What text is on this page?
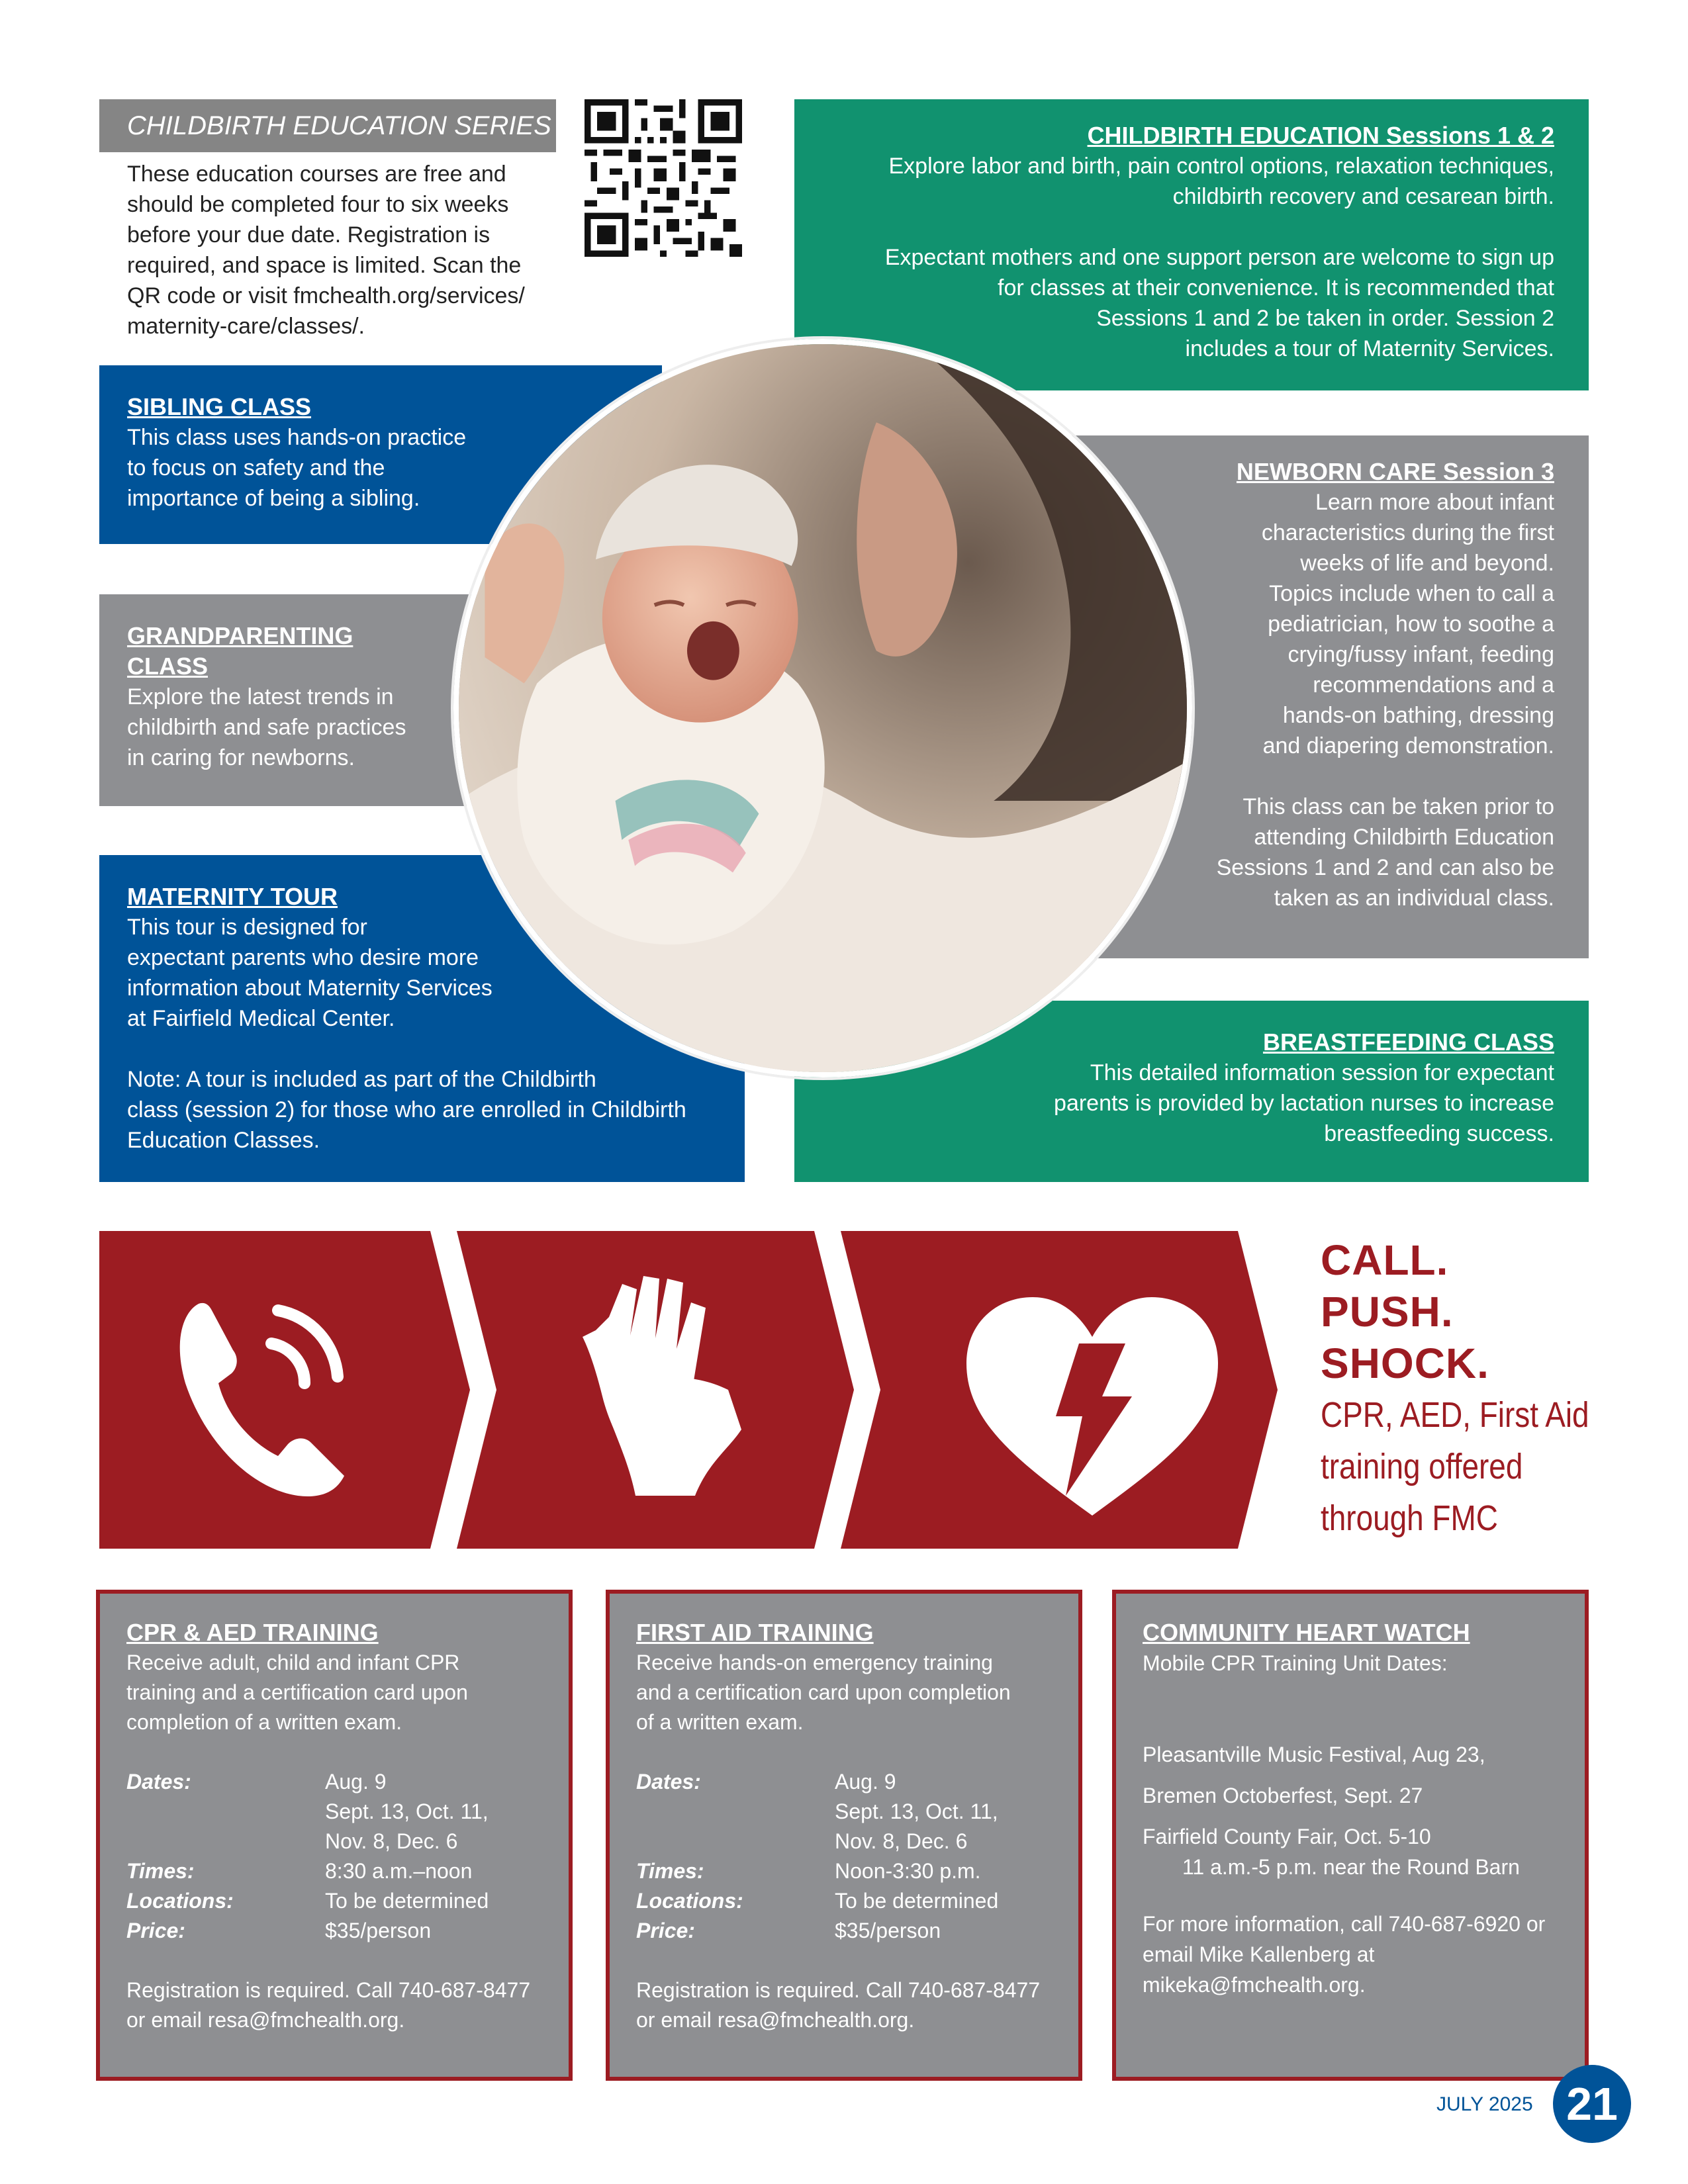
CHILDBIRTH EDUCATION SERIES
These education courses are free and
should be completed four to six weeks
before your due date. Registration is
required, and space is limited. Scan the
QR code or visit fmchealth.org/services/
maternity-care/classes/.
CHILDBIRTH EDUCATION Sessions 1 & 2

Explore labor and birth, pain control options, relaxation techniques,

childbirth recovery and cesarean birth.

Expectant mothers and one support person are welcome to sign up

for classes at their convenience. It is recommended that

Sessions 1 and 2 be taken in order. Session 2

includes a tour of Maternity Services.

SIBLING CLASS

This class uses hands-on practice

to focus on safety and the

importance of being a sibling.

NEWBORN CARE Session 3

Learn more about infant

characteristics during the first

weeks of life and beyond.

Topics include when to call a

pediatrician, how to soothe a

crying/fussy infant, feeding

recommendations and a

hands-on bathing, dressing

and diapering demonstration.

This class can be taken prior to

attending Childbirth Education

Sessions 1 and 2 and can also be

taken as an individual class.

GRANDPARENTING
CLASS

Explore the latest trends in

childbirth and safe practices

in caring for newborns.

MATERNITY TOUR

This tour is designed for

expectant parents who desire more

information about Maternity Services

at Fairfield Medical Center.

Note: A tour is included as part of the Childbirth

class (session 2) for those who are enrolled in Childbirth

Education Classes.

BREASTFEEDING CLASS

This detailed information session for expectant

parents is provided by lactation nurses to increase

breastfeeding success.

CALL.
PUSH.
SHOCK.
CPR, AED, First Aid
training offered
through FMC
CPR & AED TRAINING

Receive adult, child and infant CPR

training and a certification card upon

completion of a written exam.

Dates:	Aug. 9
Sept. 13, Oct. 11,
Nov. 8, Dec. 6
Times:	8:30 a.m.–noon
Locations:	To be determined
Price:	$35/person

Registration is required. Call 740-687-8477

or email resa@fmchealth.org.

FIRST AID TRAINING

Receive hands-on emergency training

and a certification card upon completion

of a written exam.

Dates:	Aug. 9
Sept. 13, Oct. 11,
Nov. 8, Dec. 6
Times:	Noon-3:30 p.m.
Locations:	To be determined
Price:	$35/person

Registration is required. Call 740-687-8477

or email resa@fmchealth.org.

COMMUNITY HEART WATCH

Mobile CPR Training Unit Dates:

Pleasantville Music Festival, Aug 23,

Bremen Octoberfest, Sept. 27

Fairfield County Fair, Oct. 5-10

11 a.m.-5 p.m. near the Round Barn

For more information, call 740-687-6920 or

email Mike Kallenberg at

mikeka@fmchealth.org.

JULY 2025 21
